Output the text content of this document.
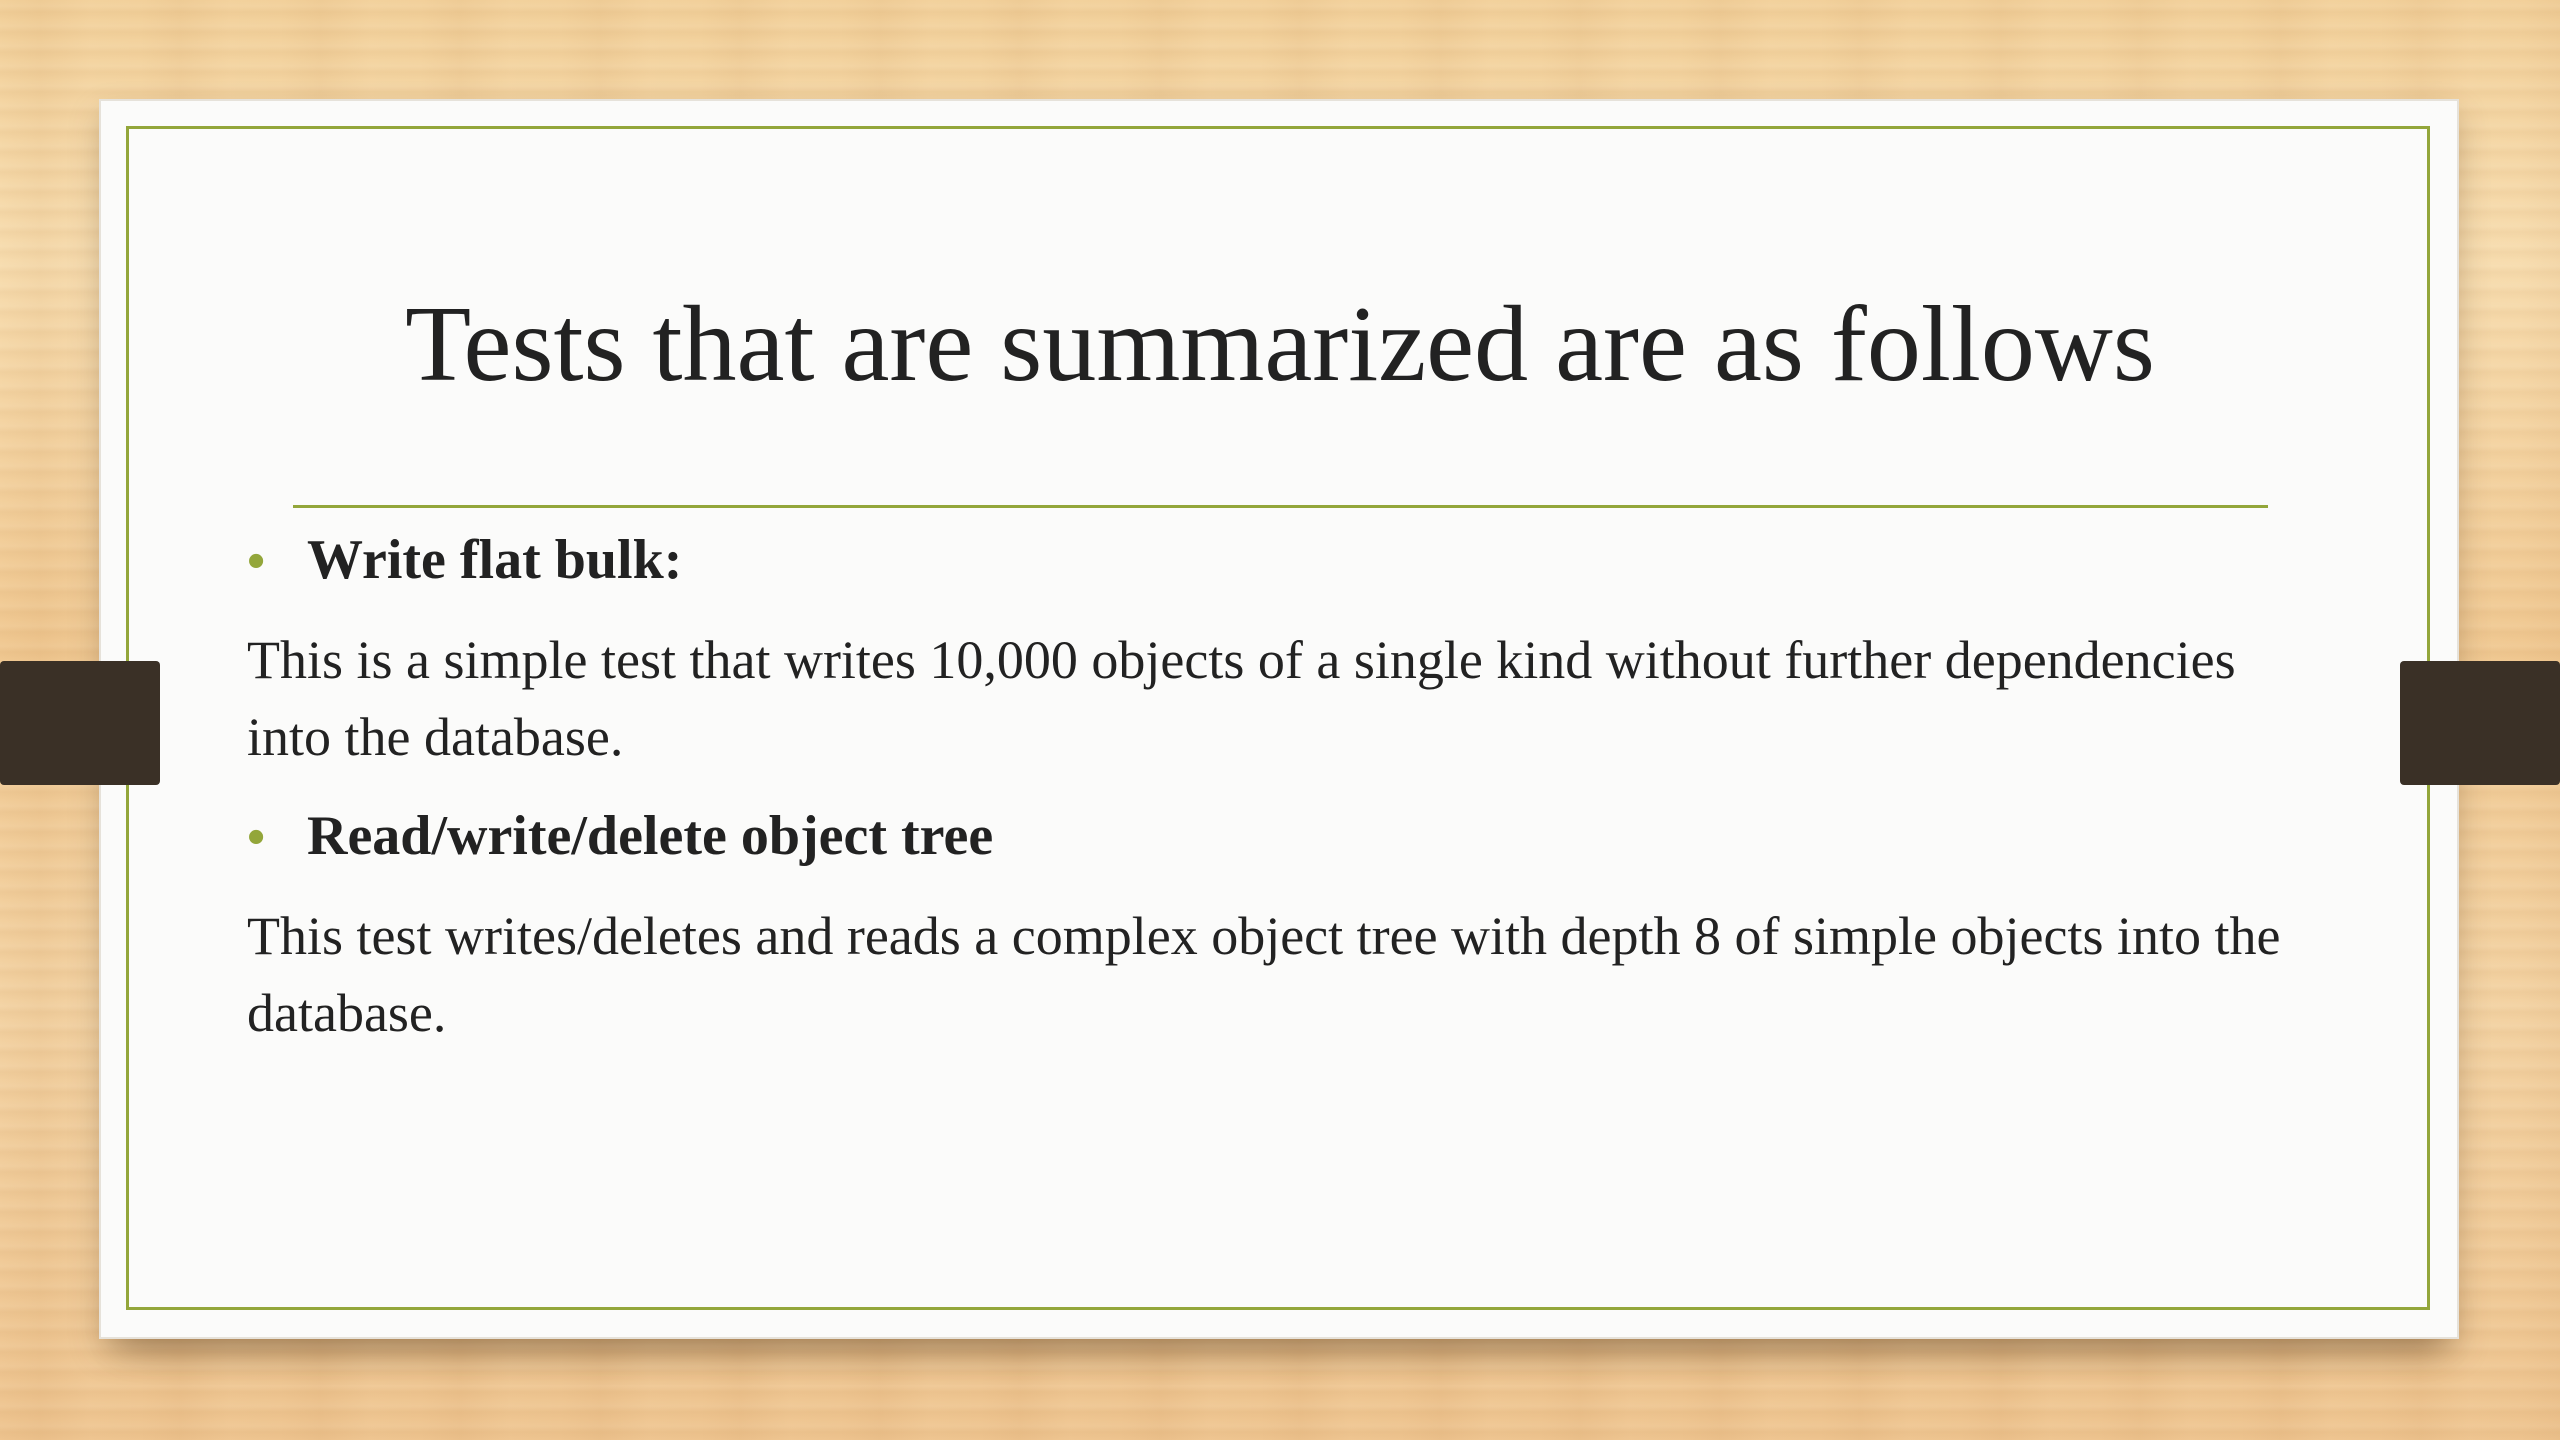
Tests that are summarized are as follows
• Write flat bulk:
This is a simple test that writes 10,000 objects of a single kind without further dependencies into the database.
• Read/write/delete object tree
This test writes/deletes and reads a complex object tree with depth 8 of simple objects into the database.
